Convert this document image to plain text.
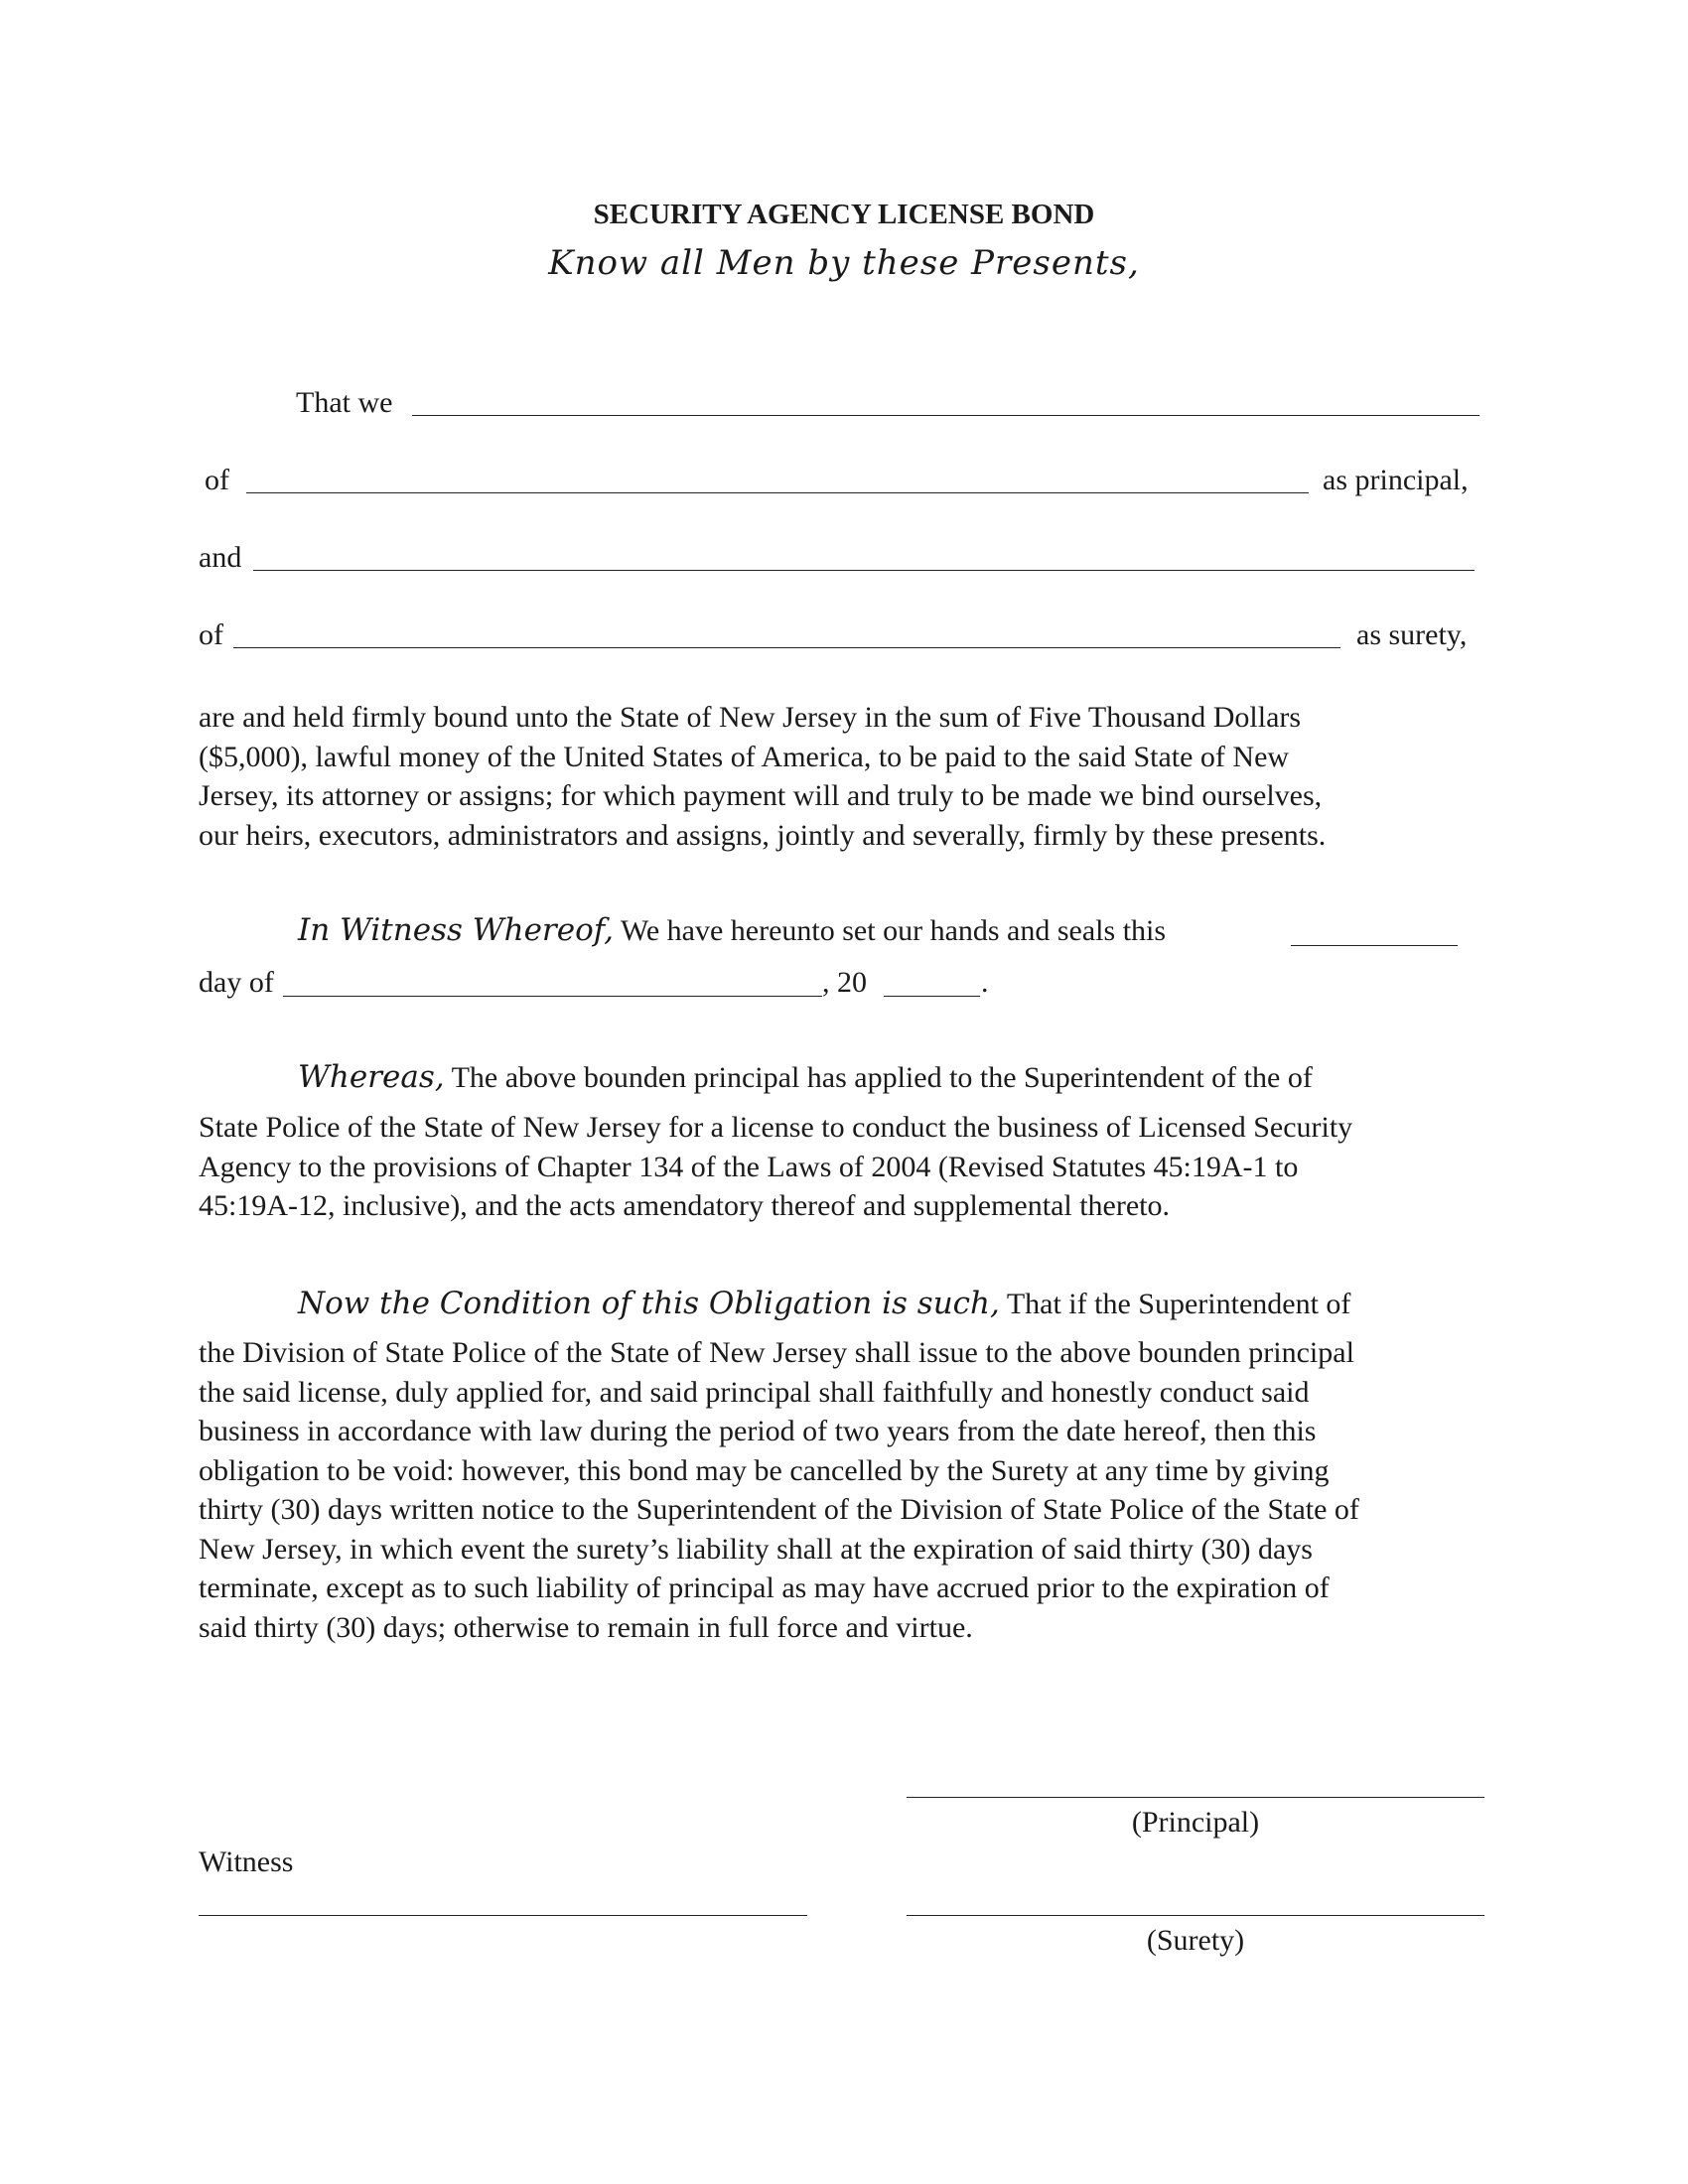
SECURITY AGENCY LICENSE BOND
Know all Men by these Presents,
That we
of	as principal,
and
of	as surety,

are and held firmly bound unto the State of New Jersey in the sum of Five Thousand Dollars

($5,000), lawful money of the United States of America, to be paid to the said State of New

Jersey, its attorney or assigns; for which payment will and truly to be made we bind ourselves,

our heirs, executors, administrators and assigns, jointly and severally, firmly by these presents.

In Witness Whereof, We have hereunto set our hands and seals this
day of	, 20	.
Whereas, The above bounden principal has applied to the Superintendent of the of

State Police of the State of New Jersey for a license to conduct the business of Licensed Security

Agency to the provisions of Chapter 134 of the Laws of 2004 (Revised Statutes 45:19A-1 to

45:19A-12, inclusive), and the acts amendatory thereof and supplemental thereto.

Now the Condition of this Obligation is such, That if the Superintendent of

the Division of State Police of the State of New Jersey shall issue to the above bounden principal

the said license, duly applied for, and said principal shall faithfully and honestly conduct said

business in accordance with law during the period of two years from the date hereof, then this

obligation to be void: however, this bond may be cancelled by the Surety at any time by giving

thirty (30) days written notice to the Superintendent of the Division of State Police of the State of

New Jersey, in which event the surety’s liability shall at the expiration of said thirty (30) days

terminate, except as to such liability of principal as may have accrued prior to the expiration of

said thirty (30) days; otherwise to remain in full force and virtue.

(Principal)
Witness
(Surety)
